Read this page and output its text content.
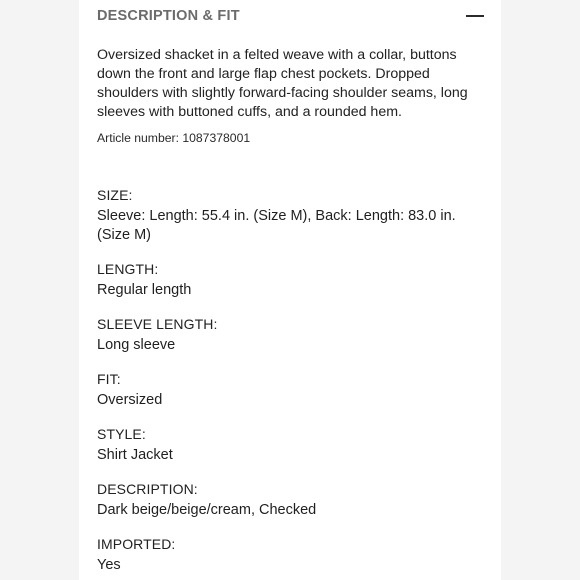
DESCRIPTION & FIT

Oversized shacket in a felted weave with a collar, buttons down the front and large flap chest pockets. Dropped shoulders with slightly forward-facing shoulder seams, long sleeves with buttoned cuffs, and a rounded hem.

Article number: 1087378001
SIZE:
Sleeve: Length: 55.4 in. (Size M), Back: Length: 83.0 in. (Size M)
LENGTH:
Regular length
SLEEVE LENGTH:
Long sleeve
FIT:
Oversized
STYLE:
Shirt Jacket
DESCRIPTION:
Dark beige/beige/cream, Checked
IMPORTED:
Yes
